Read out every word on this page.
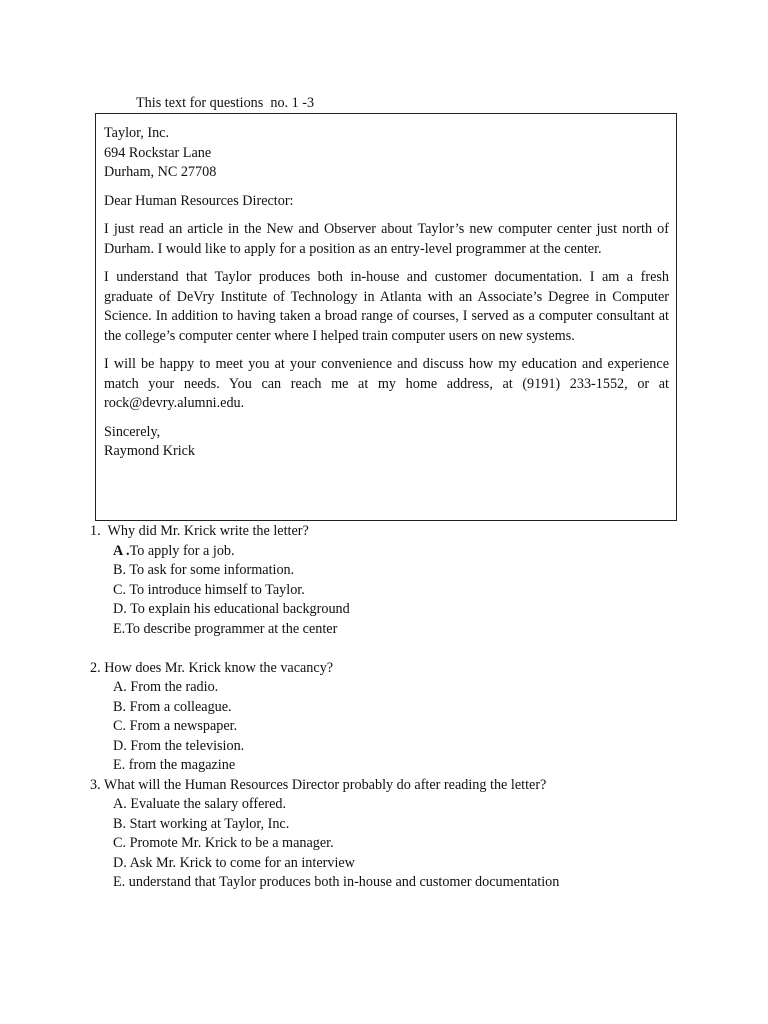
This text for questions  no. 1 -3
Taylor, Inc.
694 Rockstar Lane
Durham, NC 27708
Dear Human Resources Director:
I just read an article in the New and Observer about Taylor’s new computer center just north of Durham. I would like to apply for a position as an entry-level programmer at the center.
I understand that Taylor produces both in-house and customer documentation. I am a fresh graduate of DeVry Institute of Technology in Atlanta with an Associate’s Degree in Computer Science. In addition to having taken a broad range of courses, I served as a computer consultant at the college’s computer center where I helped train computer users on new systems.
I will be happy to meet you at your convenience and discuss how my education and experience match your needs. You can reach me at my home address, at (9191) 233-1552, or at rock@devry.alumni.edu.
Sincerely,
Raymond Krick
1.  Why did Mr. Krick write the letter?
A .To apply for a job.
B. To ask for some information.
C. To introduce himself to Taylor.
D. To explain his educational background
E.To describe programmer at the center
2. How does Mr. Krick know the vacancy?
A. From the radio.
B. From a colleague.
C. From a newspaper.
D. From the television.
E. from the magazine
3. What will the Human Resources Director probably do after reading the letter?
A. Evaluate the salary offered.
B. Start working at Taylor, Inc.
C. Promote Mr. Krick to be a manager.
D. Ask Mr. Krick to come for an interview
E. understand that Taylor produces both in-house and customer documentation
